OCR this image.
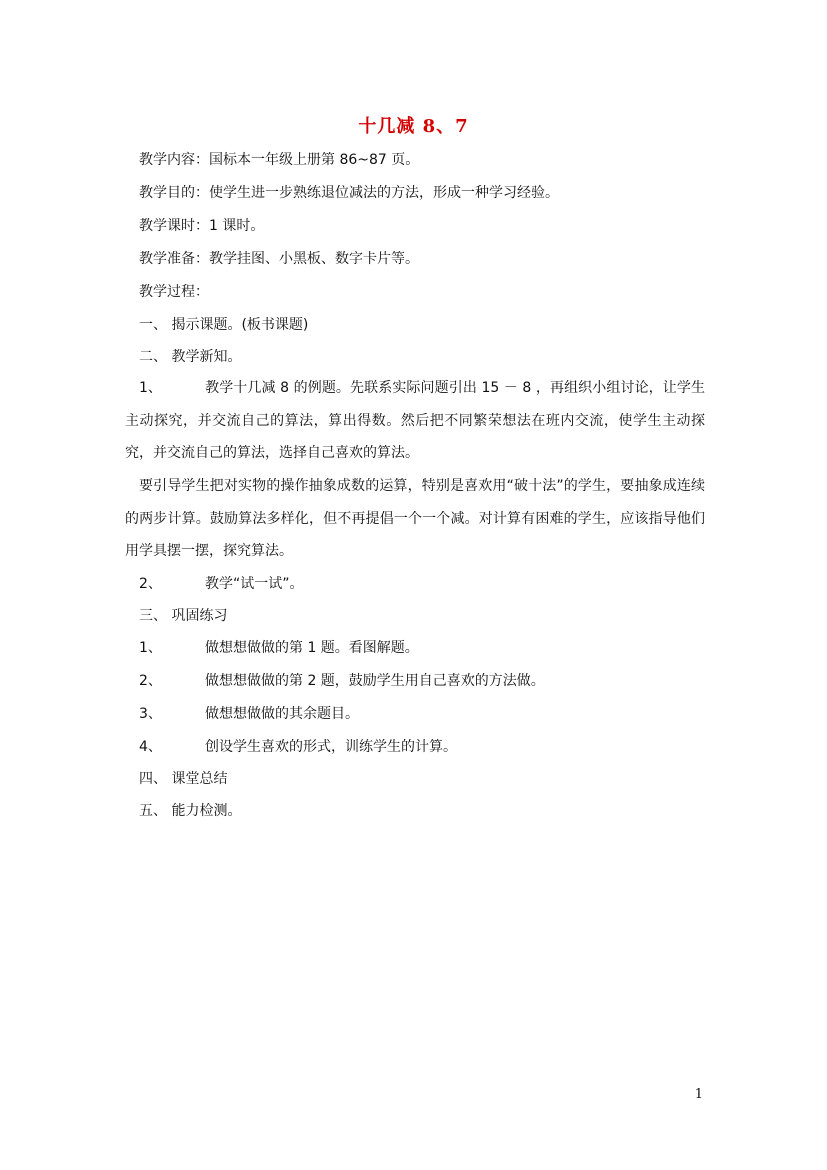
十几减 8、7
教学内容：国标本一年级上册第 86~87 页。
教学目的：使学生进一步熟练退位减法的方法，形成一种学习经验。
教学课时：1 课时。
教学准备：教学挂图、小黑板、数字卡片等。
教学过程：
一、 揭示课题。(板书课题)
二、 教学新知。
1、	教学十几减 8 的例题。先联系实际问题引出 15 － 8 ，再组织小组讨论，让学生主动探究，并交流自己的算法，算出得数。然后把不同繁荣想法在班内交流，使学生主动探究，并交流自己的算法，选择自己喜欢的算法。
要引导学生把对实物的操作抽象成数的运算，特别是喜欢用“破十法”的学生，要抽象成连续的两步计算。鼓励算法多样化，但不再提倡一个一个减。对计算有困难的学生，应该指导他们用学具摆一摆，探究算法。
2、	教学“试一试”。
三、 巩固练习
1、	做想想做做的第 1 题。看图解题。
2、	做想想做做的第 2 题，鼓励学生用自己喜欢的方法做。
3、	做想想做做的其余题目。
4、	创设学生喜欢的形式，训练学生的计算。
四、 课堂总结
五、 能力检测。
1
